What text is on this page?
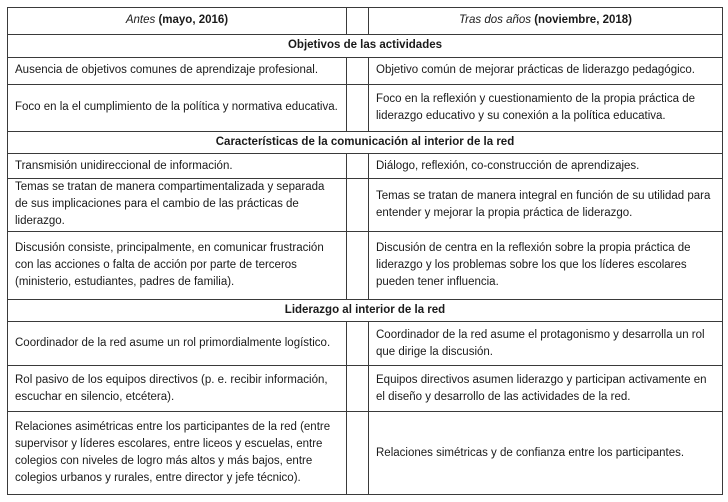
Antes (mayo, 2016)		Tras dos años (noviembre, 2018)
Objetivos de las actividades		
Ausencia de objetivos comunes de aprendizaje profesional.		Objetivo común de mejorar prácticas de liderazgo pedagógico.
Foco en la el cumplimiento de la política y normativa educativa.		Foco en la reflexión y cuestionamiento de la propia práctica de liderazgo educativo y su conexión a la política educativa.
Características de la comunicación al interior de la red		
Transmisión unidireccional de información.		Diálogo, reflexión, co-construcción de aprendizajes.
Temas se tratan de manera compartimentalizada y separada de sus implicaciones para el cambio de las prácticas de liderazgo.		Temas se tratan de manera integral en función de su utilidad para entender y mejorar la propia práctica de liderazgo.
Discusión consiste, principalmente, en comunicar frustración con las acciones o falta de acción por parte de terceros (ministerio, estudiantes, padres de familia).		Discusión de centra en la reflexión sobre la propia práctica de liderazgo y los problemas sobre los que los líderes escolares pueden tener influencia.
Liderazgo al interior de la red		
Coordinador de la red asume un rol primordialmente logístico.		Coordinador de la red asume el protagonismo y desarrolla un rol que dirige la discusión.
Rol pasivo de los equipos directivos (p. e. recibir información, escuchar en silencio, etcétera).		Equipos directivos asumen liderazgo y participan activamente en el diseño y desarrollo de las actividades de la red.
Relaciones asimétricas entre los participantes de la red (entre supervisor y líderes escolares, entre liceos y escuelas, entre colegios con niveles de logro más altos y más bajos, entre colegios urbanos y rurales, entre director y jefe técnico).		Relaciones simétricas y de confianza entre los participantes.
